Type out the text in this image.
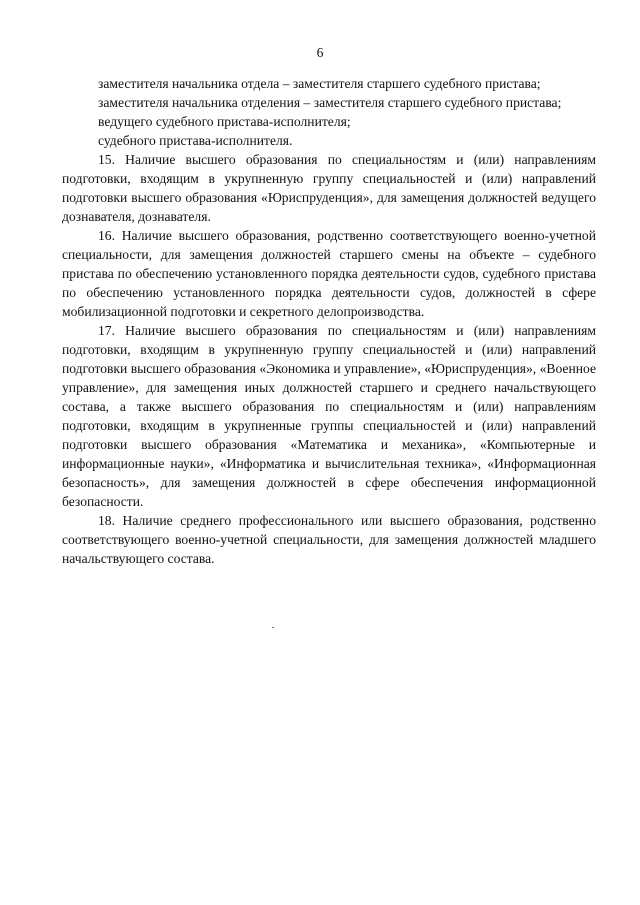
6

заместителя начальника отдела – заместителя старшего судебного пристава;

заместителя начальника отделения – заместителя старшего судебного пристава;

ведущего судебного пристава-исполнителя;

судебного пристава-исполнителя.

15. Наличие высшего образования по специальностям и (или) направлениям подготовки, входящим в укрупненную группу специальностей и (или) направлений подготовки высшего образования «Юриспруденция», для замещения должностей ведущего дознавателя, дознавателя.

16. Наличие высшего образования, родственно соответствующего военно-учетной специальности, для замещения должностей старшего смены на объекте – судебного пристава по обеспечению установленного порядка деятельности судов, судебного пристава по обеспечению установленного порядка деятельности судов, должностей в сфере мобилизационной подготовки и секретного делопроизводства.

17. Наличие высшего образования по специальностям и (или) направлениям подготовки, входящим в укрупненную группу специальностей и (или) направлений подготовки высшего образования «Экономика и управление», «Юриспруденция», «Военное управление», для замещения иных должностей старшего и среднего начальствующего состава, а также высшего образования по специальностям и (или) направлениям подготовки, входящим в укрупненные группы специальностей и (или) направлений подготовки высшего образования «Математика и механика», «Компьютерные и информационные науки», «Информатика и вычислительная техника», «Информационная безопасность», для замещения должностей в сфере обеспечения информационной безопасности.

18. Наличие среднего профессионального или высшего образования, родственно соответствующего военно-учетной специальности, для замещения должностей младшего начальствующего состава.
